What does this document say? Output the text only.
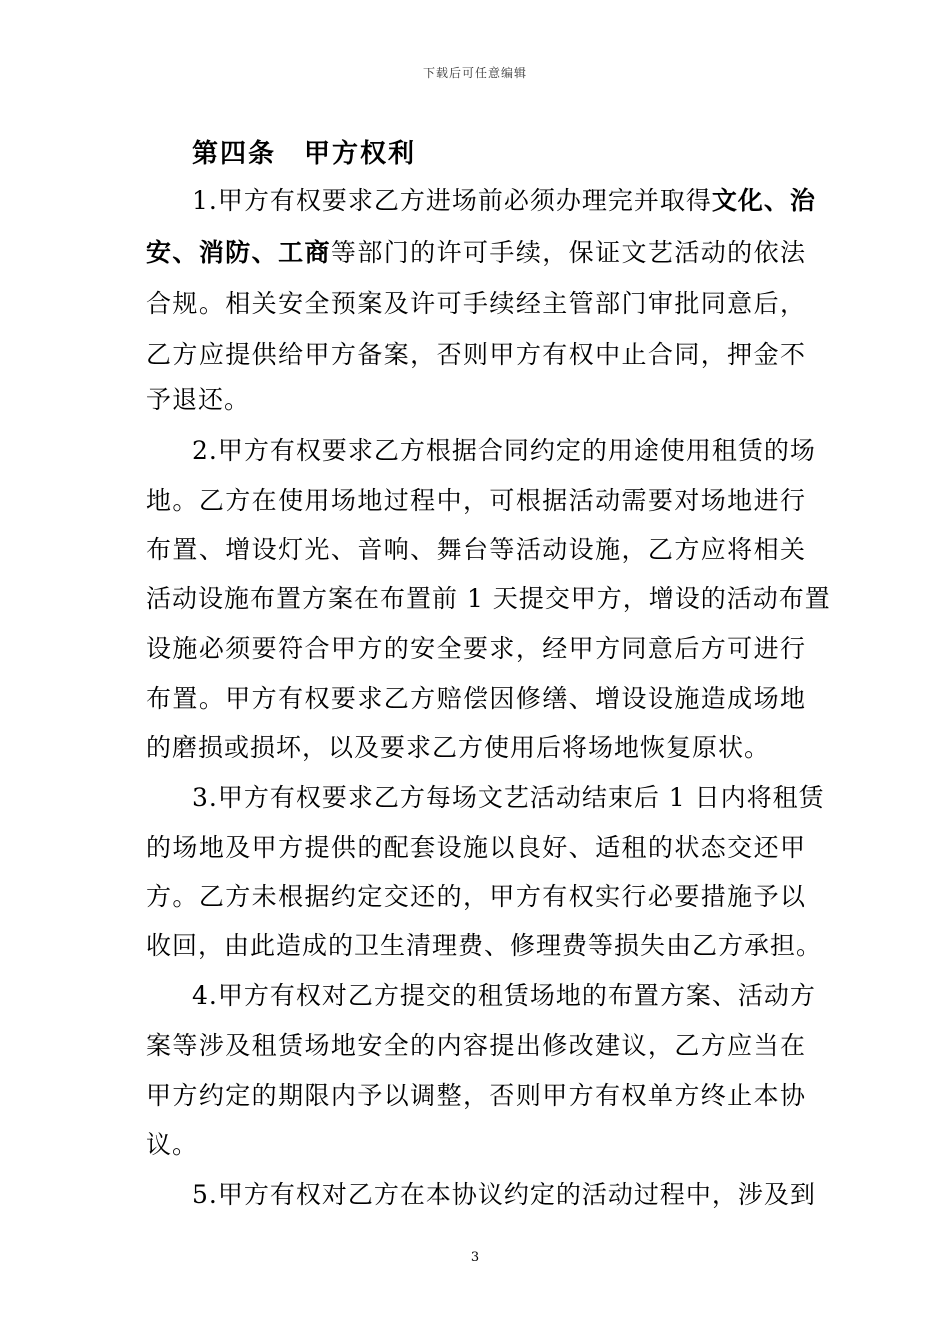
下载后可任意编辑
第四条　甲方权利
1.甲方有权要求乙方进场前必须办理完并取得文化、治
安、消防、工商等部门的许可手续，保证文艺活动的依法
合规。相关安全预案及许可手续经主管部门审批同意后，
乙方应提供给甲方备案，否则甲方有权中止合同，押金不
予退还。
2.甲方有权要求乙方根据合同约定的用途使用租赁的场
地。乙方在使用场地过程中，可根据活动需要对场地进行
布置、增设灯光、音响、舞台等活动设施，乙方应将相关
活动设施布置方案在布置前 1 天提交甲方，增设的活动布置
设施必须要符合甲方的安全要求，经甲方同意后方可进行
布置。甲方有权要求乙方赔偿因修缮、增设设施造成场地
的磨损或损坏，以及要求乙方使用后将场地恢复原状。
3.甲方有权要求乙方每场文艺活动结束后 1 日内将租赁
的场地及甲方提供的配套设施以良好、适租的状态交还甲
方。乙方未根据约定交还的，甲方有权实行必要措施予以
收回，由此造成的卫生清理费、修理费等损失由乙方承担。
4.甲方有权对乙方提交的租赁场地的布置方案、活动方
案等涉及租赁场地安全的内容提出修改建议，乙方应当在
甲方约定的期限内予以调整，否则甲方有权单方终止本协
议。
5.甲方有权对乙方在本协议约定的活动过程中，涉及到
3
